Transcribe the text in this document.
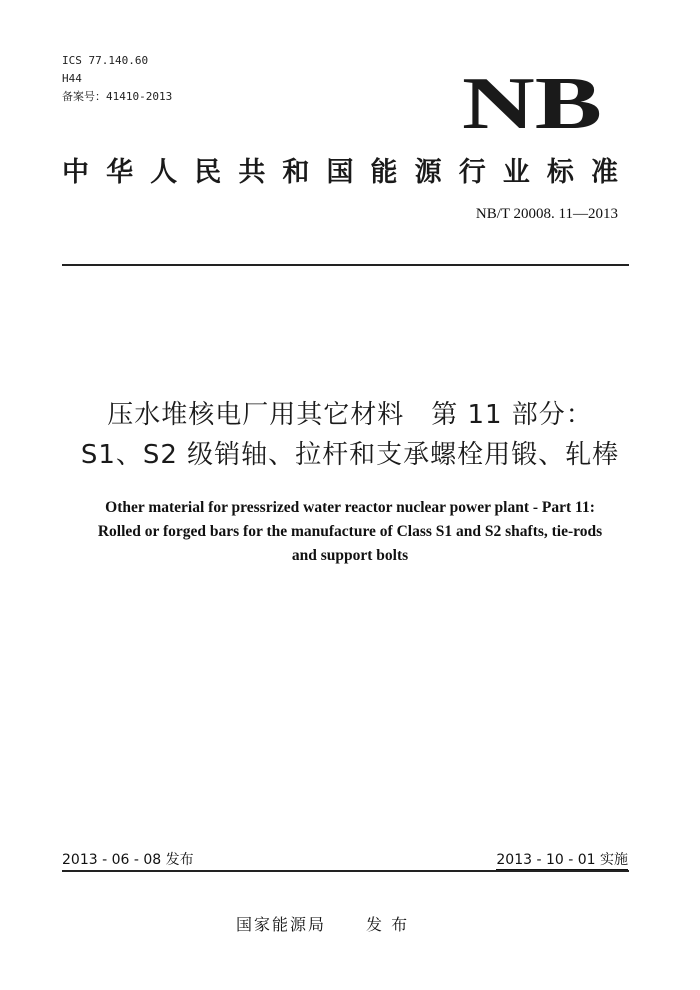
ICS 77.140.60
H44
备案号：41410-2013	NB
中 华 人 民 共 和 国 能 源 行 业 标 准
NB/T 20008. 11—2013
压水堆核电厂用其它材料　第 11 部分：
S1、S2 级销轴、拉杆和支承螺栓用锻、轧棒
Other material for pressrized water reactor nuclear power plant - Part 11:
Rolled or forged bars for the manufacture of Class S1 and S2 shafts, tie-rods
and support bolts
2013 - 06 - 08 发布	2013 - 10 - 01 实施
国家能源局	发 布
